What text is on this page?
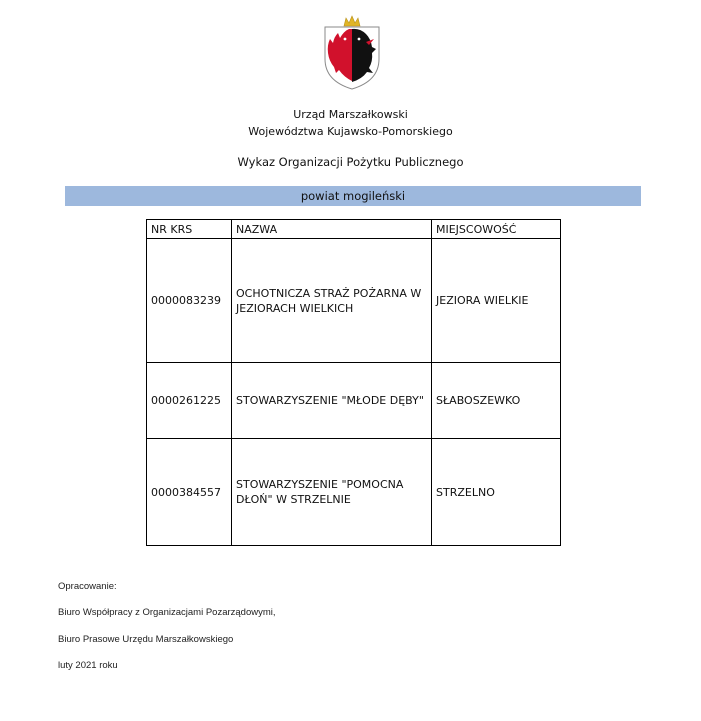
Urząd Marszałkowski
Województwa Kujawsko-Pomorskiego
Wykaz Organizacji Pożytku Publicznego
powiat mogileński
NR KRS	NAZWA	MIEJSCOWOŚĆ
0000083239	OCHOTNICZA STRAŻ POŻARNA W JEZIORACH WIELKICH	JEZIORA WIELKIE
0000261225	STOWARZYSZENIE "MŁODE DĘBY"	SŁABOSZEWKO
0000384557	STOWARZYSZENIE "POMOCNA DŁOŃ" W STRZELNIE	STRZELNO
Opracowanie:
Biuro Współpracy z Organizacjami Pozarządowymi,
Biuro Prasowe Urzędu Marszałkowskiego
luty 2021 roku
